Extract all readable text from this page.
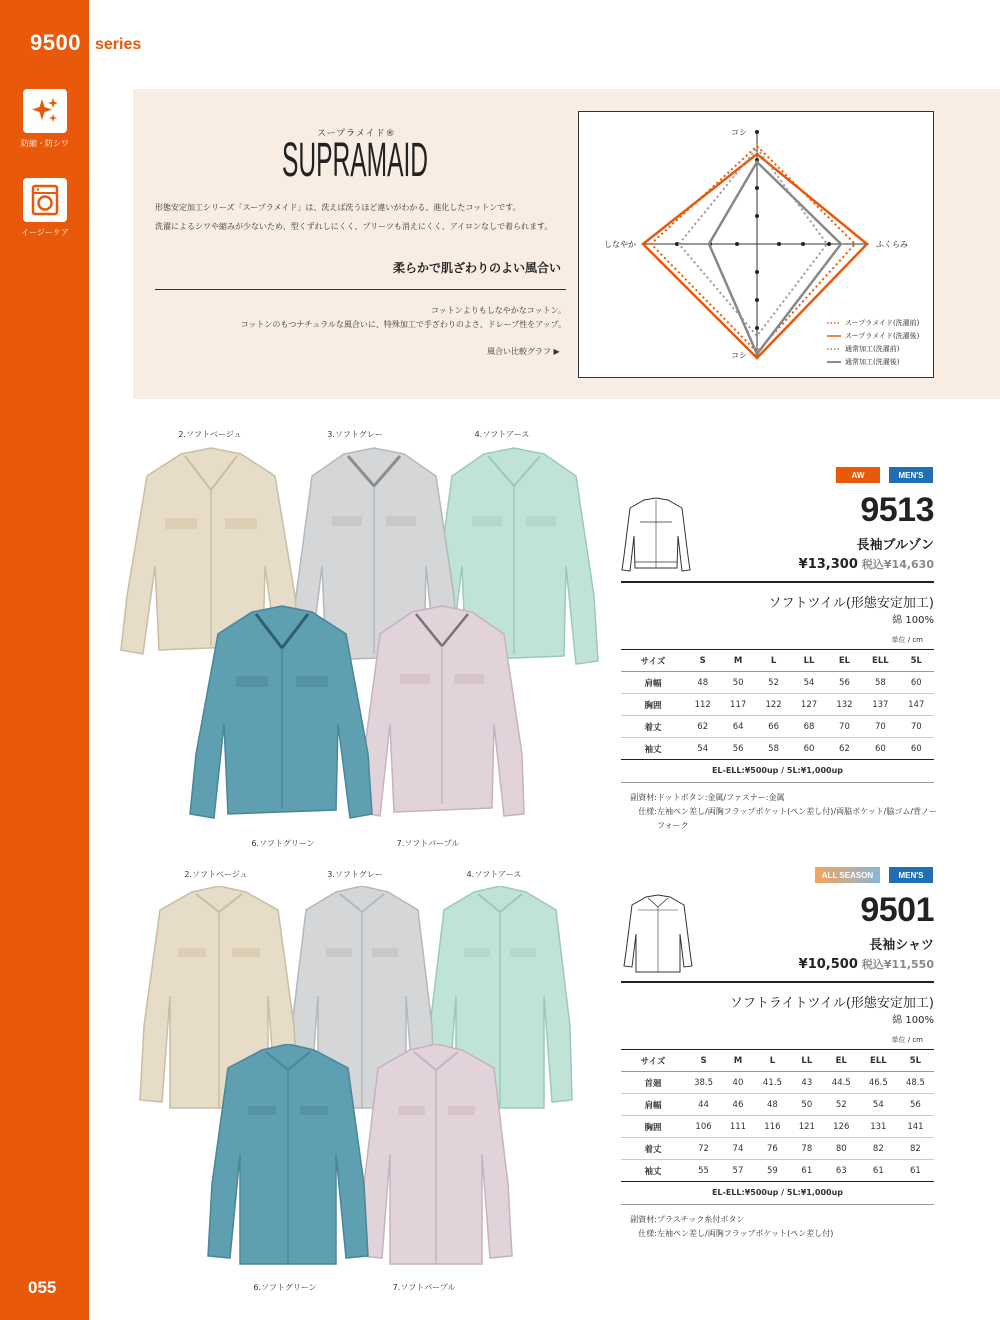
9500 series
防縮・防シワ
イージーケア
055
スープラメイド®
SUPRAMAID
形態安定加工シリーズ「スープラメイド」は、洗えば洗うほど違いがわかる、進化したコットンです。
洗濯によるシワや縮みが少ないため、型くずれしにくく、プリーツも消えにくく、アイロンなしで着られます。
柔らかで肌ざわりのよい風合い
コットンよりもしなやかなコットン。
コットンのもつナチュラルな風合いに、特殊加工で手ざわりのよさ、ドレープ性をアップ。
風合い比較グラフ ▶
コシ
ふくらみ
コシ
しなやか
スープラメイド(洗濯前)
スープラメイド(洗濯後)
通常加工(洗濯前)
通常加工(洗濯後)
2.ソフトベージュ	3.ソフトグレー	4.ソフトアース
6.ソフトグリーン	7.ソフトパープル
AW	MEN'S
9513
長袖ブルゾン
¥13,300 税込¥14,630
ソフトツイル(形態安定加工)
綿 100%
単位 / cm
サイズ	S	M	L	LL	EL	ELL	5L
肩幅	48	50	52	54	56	58	60
胸囲	112	117	122	127	132	137	147
着丈	62	64	66	68	70	70	70
袖丈	54	56	58	60	62	60	60
EL-ELL:¥500up / 5L:¥1,000up
副資材: ドットボタン:金属/ファスナー:金属
仕様: 左袖ペン差し/両胸フラップポケット(ペン差し付)/両脇ポケット/脇ゴム/背ノーフォーク
2.ソフトベージュ	3.ソフトグレー	4.ソフトアース
6.ソフトグリーン	7.ソフトパープル
ALL SEASON	MEN'S
9501
長袖シャツ
¥10,500 税込¥11,550
ソフトライトツイル(形態安定加工)
綿 100%
単位 / cm
サイズ	S	M	L	LL	EL	ELL	5L
首廻	38.5	40	41.5	43	44.5	46.5	48.5
肩幅	44	46	48	50	52	54	56
胸囲	106	111	116	121	126	131	141
着丈	72	74	76	78	80	82	82
袖丈	55	57	59	61	63	61	61
EL-ELL:¥500up / 5L:¥1,000up
副資材: プラスチック糸付ボタン
仕様: 左袖ペン差し/両胸フラップポケット(ペン差し付)
